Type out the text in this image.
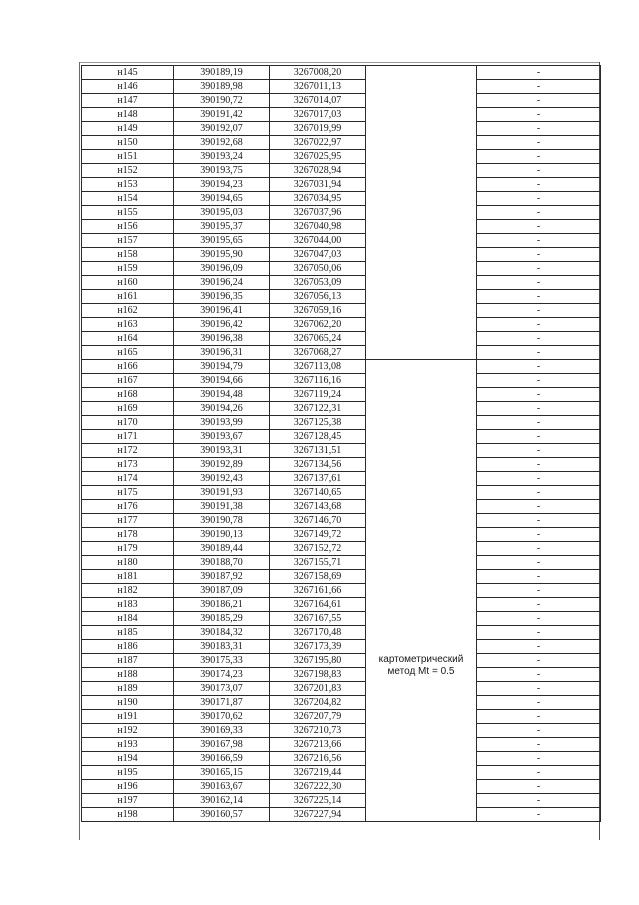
н145	390189,19	3267008,20		-
н146	390189,98	3267011,13		-
н147	390190,72	3267014,07		-
н148	390191,42	3267017,03		-
н149	390192,07	3267019,99		-
н150	390192,68	3267022,97		-
н151	390193,24	3267025,95		-
н152	390193,75	3267028,94		-
н153	390194,23	3267031,94		-
н154	390194,65	3267034,95		-
н155	390195,03	3267037,96		-
н156	390195,37	3267040,98		-
н157	390195,65	3267044,00		-
н158	390195,90	3267047,03		-
н159	390196,09	3267050,06		-
н160	390196,24	3267053,09		-
н161	390196,35	3267056,13		-
н162	390196,41	3267059,16		-
н163	390196,42	3267062,20		-
н164	390196,38	3267065,24		-
н165	390196,31	3267068,27		-
н166	390194,79	3267113,08	картометрический
метод Mt = 0.5	-
н167	390194,66	3267116,16		-
н168	390194,48	3267119,24		-
н169	390194,26	3267122,31		-
н170	390193,99	3267125,38		-
н171	390193,67	3267128,45		-
н172	390193,31	3267131,51		-
н173	390192,89	3267134,56		-
н174	390192,43	3267137,61		-
н175	390191,93	3267140,65		-
н176	390191,38	3267143,68		-
н177	390190,78	3267146,70		-
н178	390190,13	3267149,72		-
н179	390189,44	3267152,72		-
н180	390188,70	3267155,71		-
н181	390187,92	3267158,69		-
н182	390187,09	3267161,66		-
н183	390186,21	3267164,61		-
н184	390185,29	3267167,55		-
н185	390184,32	3267170,48		-
н186	390183,31	3267173,39		-
н187	390175,33	3267195,80		-
н188	390174,23	3267198,83		-
н189	390173,07	3267201,83		-
н190	390171,87	3267204,82		-
н191	390170,62	3267207,79		-
н192	390169,33	3267210,73		-
н193	390167,98	3267213,66		-
н194	390166,59	3267216,56		-
н195	390165,15	3267219,44		-
н196	390163,67	3267222,30		-
н197	390162,14	3267225,14		-
н198	390160,57	3267227,94		-
